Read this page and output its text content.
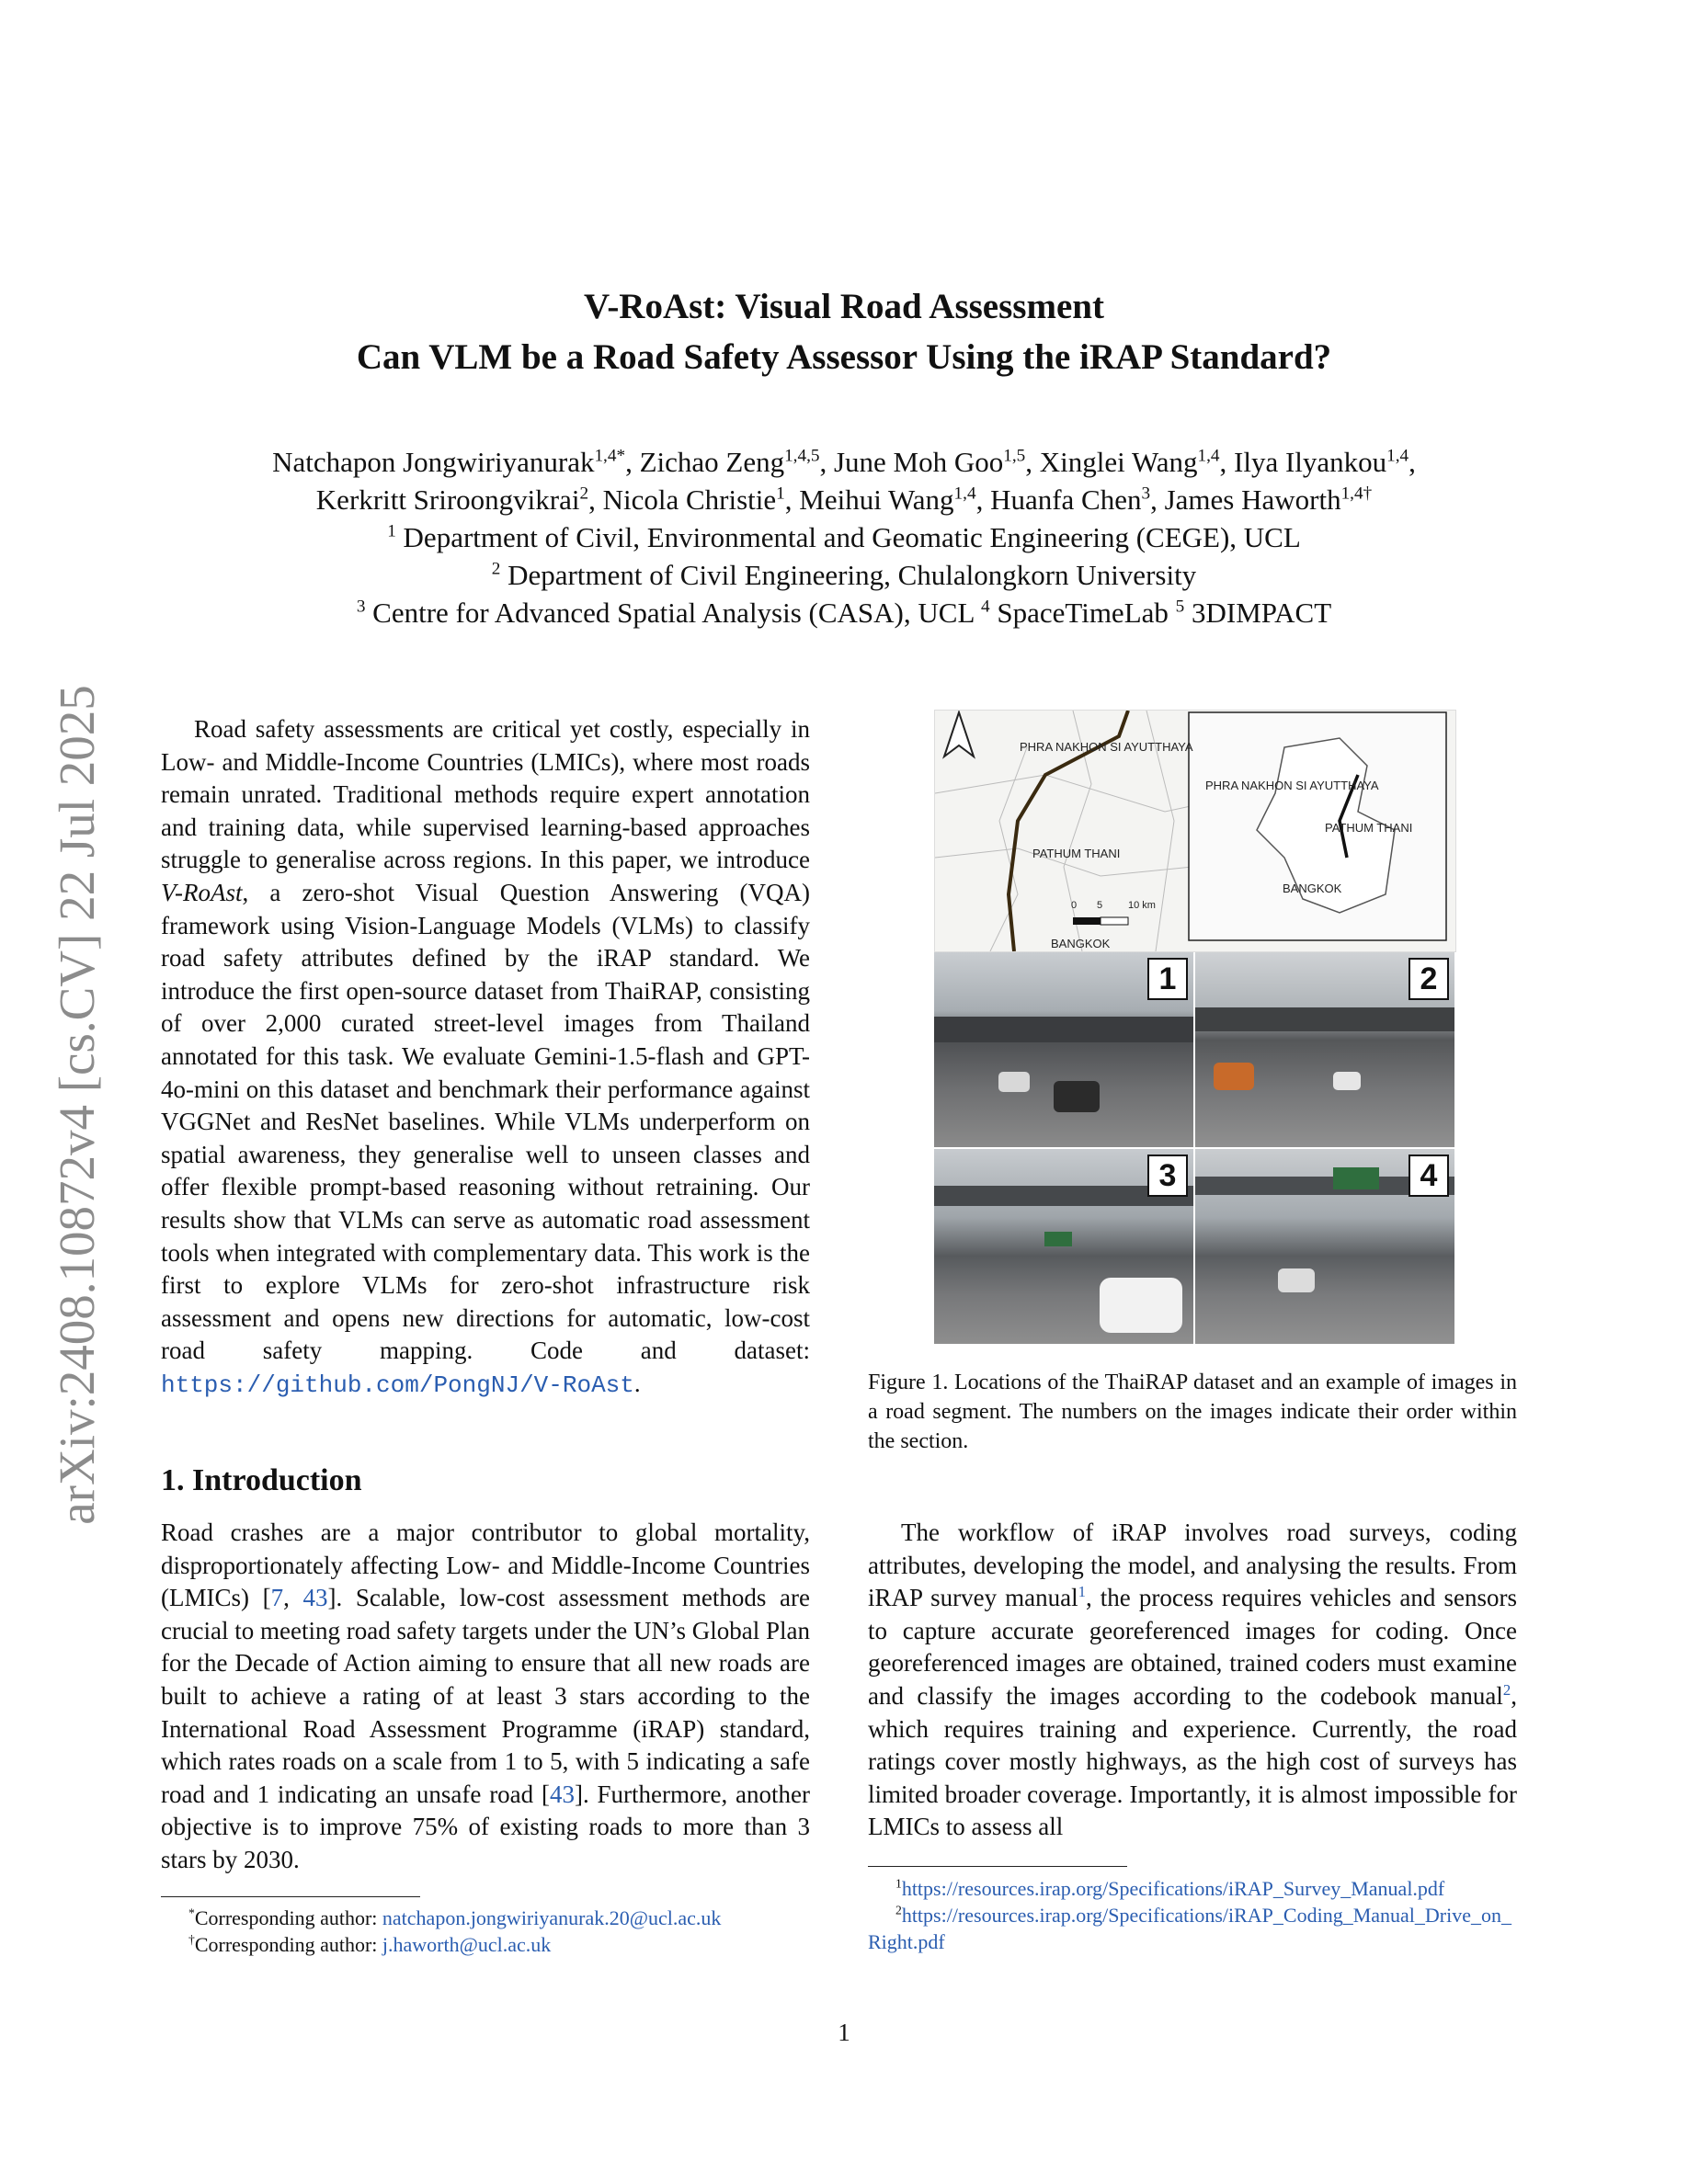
arXiv:2408.10872v4 [cs.CV] 22 Jul 2025
V-RoAst: Visual Road Assessment
Can VLM be a Road Safety Assessor Using the iRAP Standard?
Natchapon Jongwiriyanurak$^{1,4*}$, Zichao Zeng$^{1,4,5}$, June Moh Goo$^{1,5}$, Xinglei Wang$^{1,4}$, Ilya Ilyankou$^{1,4}$,
Kerkritt Sriroongvikrai$^2$, Nicola Christie$^1$, Meihui Wang$^{1,4}$, Huanfa Chen$^3$, James Haworth$^{1,4\dagger}$
$^1$ Department of Civil, Environmental and Geomatic Engineering (CEGE), UCL
$^2$ Department of Civil Engineering, Chulalongkorn University
$^3$ Centre for Advanced Spatial Analysis (CASA), UCL $^4$ SpaceTimeLab $^5$ 3DIMPACT

Road safety assessments are critical yet costly, especially in Low- and Middle-Income Countries (LMICs), where most roads remain unrated. Traditional methods require expert annotation and training data, while supervised learning-based approaches struggle to generalise across regions. In this paper, we introduce V-RoAst, a zero-shot Visual Question Answering (VQA) framework using Vision-Language Models (VLMs) to classify road safety attributes defined by the iRAP standard. We introduce the first open-source dataset from ThaiRAP, consisting of over 2,000 curated street-level images from Thailand annotated for this task. We evaluate Gemini-1.5-flash and GPT-4o-mini on this dataset and benchmark their performance against VGGNet and ResNet baselines. While VLMs underperform on spatial awareness, they generalise well to unseen classes and offer flexible prompt-based reasoning without retraining. Our results show that VLMs can serve as automatic road assessment tools when integrated with complementary data. This work is the first to explore VLMs for zero-shot infrastructure risk assessment and opens new directions for automatic, low-cost road safety mapping. Code and dataset: https://github.com/PongNJ/V-RoAst.

1. Introduction

Road crashes are a major contributor to global mortality, disproportionately affecting Low- and Middle-Income Countries (LMICs) [7, 43]. Scalable, low-cost assessment methods are crucial to meeting road safety targets under the UN’s Global Plan for the Decade of Action aiming to ensure that all new roads are built to achieve a rating of at least 3 stars according to the International Road Assessment Programme (iRAP) standard, which rates roads on a scale from 1 to 5, with 5 indicating a safe road and 1 indicating an unsafe road [43]. Furthermore, another objective is to improve 75% of existing roads to more than 3 stars by 2030.

*Corresponding author: natchapon.jongwiriyanurak.20@ucl.ac.uk
†Corresponding author: j.haworth@ucl.ac.uk
PHRA NAKHON SI AYUTTHAYA
PATHUM THANI
BANGKOK
PHRA NAKHON SI AYUTTHAYA
PATHUM THANI
BANGKOK
0 5	10 km
1	2
3	4
Figure 1. Locations of the ThaiRAP dataset and an example of images in a road segment. The numbers on the images indicate their order within the section.

The workflow of iRAP involves road surveys, coding attributes, developing the model, and analysing the results. From iRAP survey manual$^1$, the process requires vehicles and sensors to capture accurate georeferenced images for coding. Once georeferenced images are obtained, trained coders must examine and classify the images according to the codebook manual$^2$, which requires training and experience. Currently, the road ratings cover mostly highways, as the high cost of surveys has limited broader coverage. Importantly, it is almost impossible for LMICs to assess all

$^1$https://resources.irap.org/Specifications/iRAP_Survey_Manual.pdf
$^2$https://resources.irap.org/Specifications/iRAP_Coding_Manual_Drive_on_Right.pdf
1
